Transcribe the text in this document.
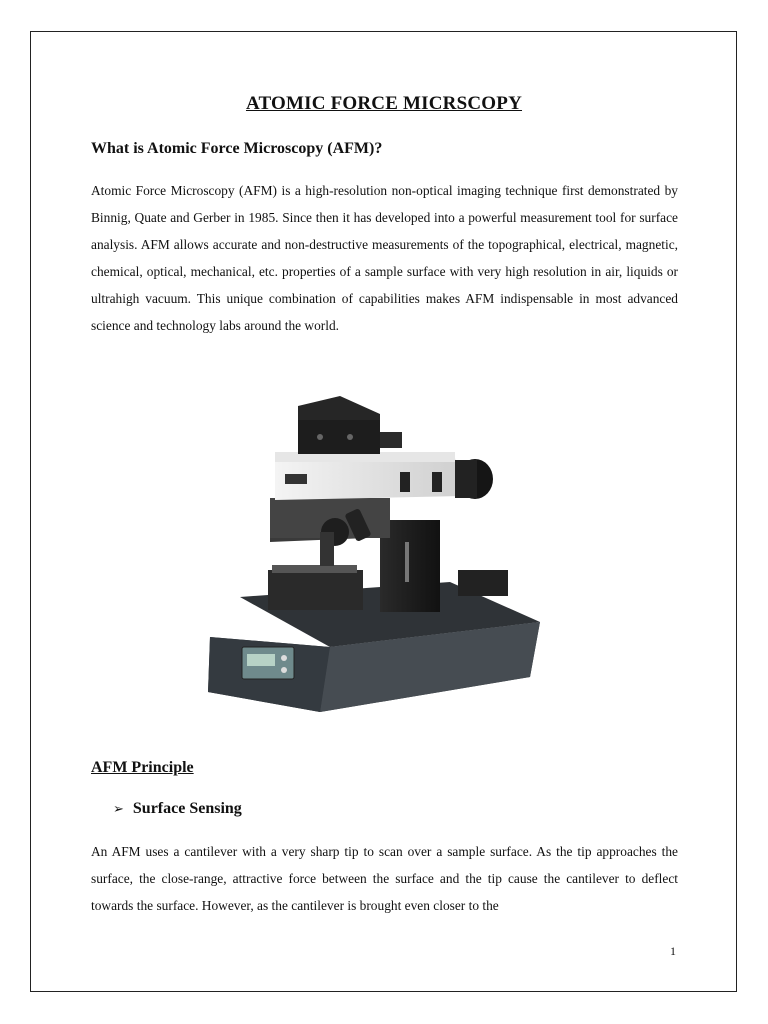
ATOMIC FORCE MICRSCOPY
What is Atomic Force Microscopy (AFM)?

Atomic Force Microscopy (AFM) is a high-resolution non-optical imaging technique first demonstrated by Binnig, Quate and Gerber in 1985. Since then it has developed into a powerful measurement tool for surface analysis. AFM allows accurate and non-destructive measurements of the topographical, electrical, magnetic, chemical, optical, mechanical, etc. properties of a sample surface with very high resolution in air, liquids or ultrahigh vacuum. This unique combination of capabilities makes AFM indispensable in most advanced science and technology labs around the world.

AFM Principle
➢ Surface Sensing

An AFM uses a cantilever with a very sharp tip to scan over a sample surface. As the tip approaches the surface, the close-range, attractive force between the surface and the tip cause the cantilever to deflect towards the surface. However, as the cantilever is brought even closer to the

1
